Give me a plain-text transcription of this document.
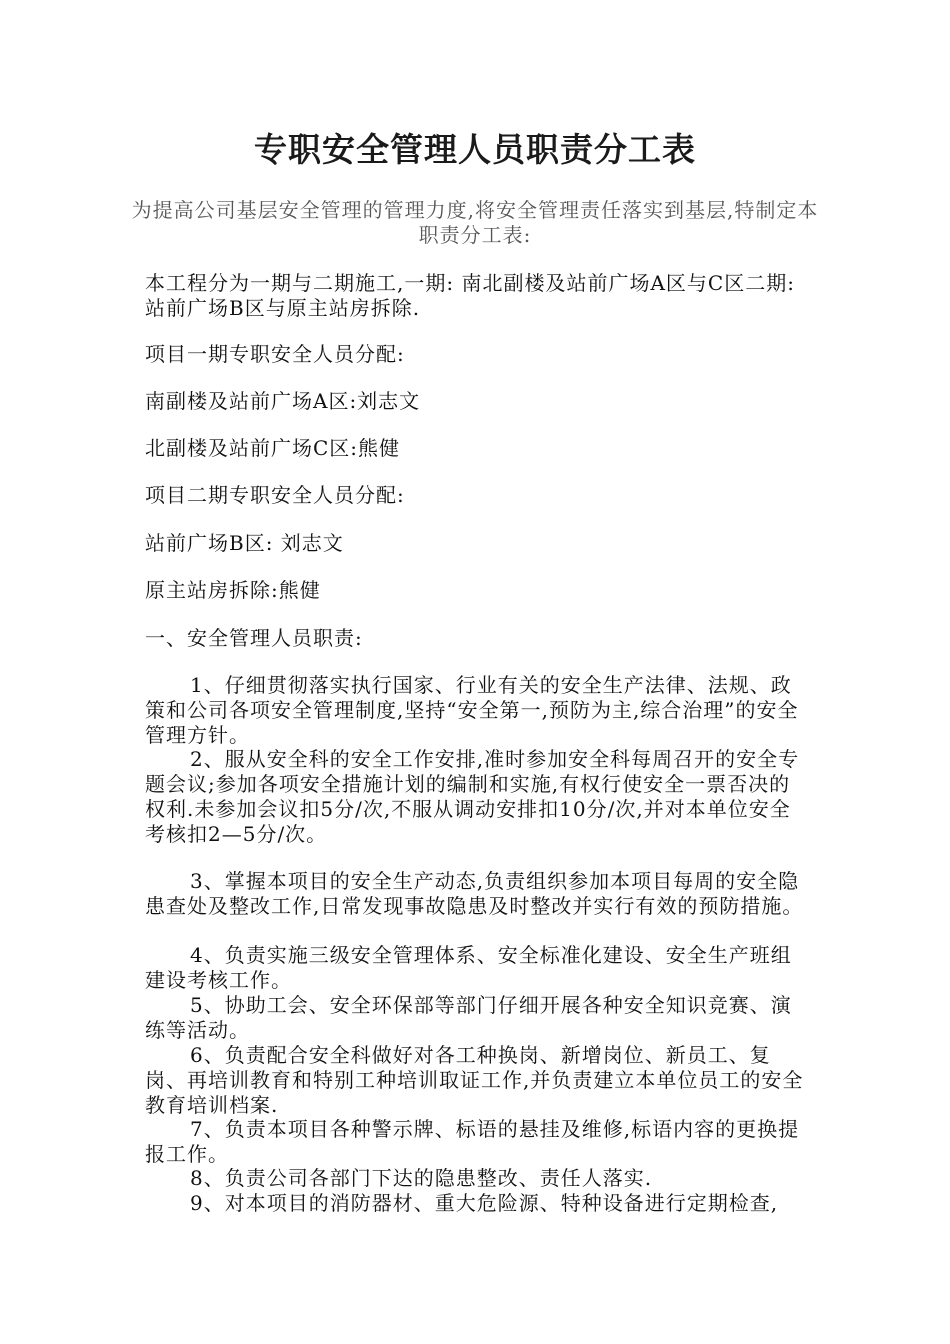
专职安全管理人员职责分工表
为提高公司基层安全管理的管理力度,将安全管理责任落实到基层,特制定本职责分工表:

本工程分为一期与二期施工,一期: 南北副楼及站前广场A区与C区二期: 站前广场B区与原主站房拆除.

项目一期专职安全人员分配:

南副楼及站前广场A区:刘志文

北副楼及站前广场C区:熊健

项目二期专职安全人员分配:

站前广场B区: 刘志文

原主站房拆除:熊健

一、安全管理人员职责:

1、仔细贯彻落实执行国家、行业有关的安全生产法律、法规、政策和公司各项安全管理制度,坚持“安全第一,预防为主,综合治理”的安全管理方针。

2、服从安全科的安全工作安排,准时参加安全科每周召开的安全专题会议;参加各项安全措施计划的编制和实施,有权行使安全一票否决的权利.未参加会议扣5分/次,不服从调动安排扣10分/次,并对本单位安全考核扣2—5分/次。

3、掌握本项目的安全生产动态,负责组织参加本项目每周的安全隐患查处及整改工作,日常发现事故隐患及时整改并实行有效的预防措施。

4、负责实施三级安全管理体系、安全标准化建设、安全生产班组建设考核工作。

5、协助工会、安全环保部等部门仔细开展各种安全知识竞赛、演练等活动。

6、负责配合安全科做好对各工种换岗、新增岗位、新员工、复岗、再培训教育和特别工种培训取证工作,并负责建立本单位员工的安全教育培训档案.

7、负责本项目各种警示牌、标语的悬挂及维修,标语内容的更换提报工作。

8、负责公司各部门下达的隐患整改、责任人落实.

9、对本项目的消防器材、重大危险源、特种设备进行定期检查,
